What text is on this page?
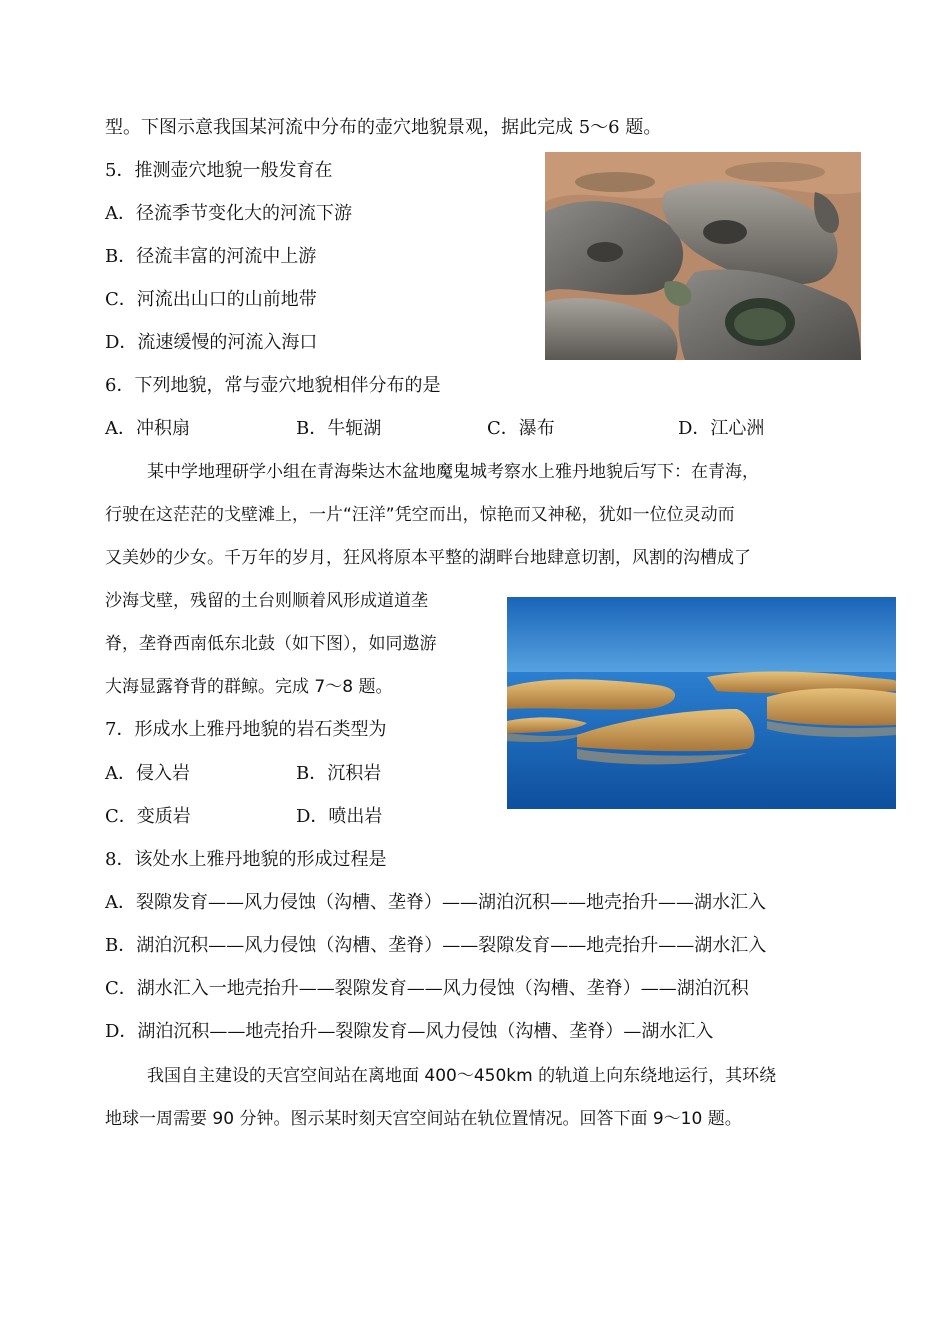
型。下图示意我国某河流中分布的壶穴地貌景观，据此完成 5～6 题。
5．推测壶穴地貌一般发育在
A．径流季节变化大的河流下游
B．径流丰富的河流中上游
C．河流出山口的山前地带
D．流速缓慢的河流入海口
6．下列地貌，常与壶穴地貌相伴分布的是
A．冲积扇	B．牛轭湖	C．瀑布	D．江心洲
某中学地理研学小组在青海柴达木盆地魔鬼城考察水上雅丹地貌后写下：在青海，
行驶在这茫茫的戈壁滩上，一片“汪洋”凭空而出，惊艳而又神秘，犹如一位位灵动而
又美妙的少女。千万年的岁月，狂风将原本平整的湖畔台地肆意切割，风割的沟槽成了
沙海戈壁，残留的土台则顺着风形成道道垄
脊，垄脊西南低东北鼓（如下图），如同遨游
大海显露脊背的群鲸。完成 7～8 题。
7．形成水上雅丹地貌的岩石类型为
A．侵入岩	B．沉积岩
C．变质岩	D．喷出岩
8．该处水上雅丹地貌的形成过程是
A．裂隙发育——风力侵蚀（沟槽、垄脊）——湖泊沉积——地壳抬升——湖水汇入
B．湖泊沉积——风力侵蚀（沟槽、垄脊）——裂隙发育——地壳抬升——湖水汇入
C．湖水汇入一地壳抬升——裂隙发育——风力侵蚀（沟槽、垄脊）——湖泊沉积
D．湖泊沉积——地壳抬升—裂隙发育—风力侵蚀（沟槽、垄脊）—湖水汇入
我国自主建设的天宫空间站在离地面 400～450km 的轨道上向东绕地运行，其环绕
地球一周需要 90 分钟。图示某时刻天宫空间站在轨位置情况。回答下面 9～10 题。
